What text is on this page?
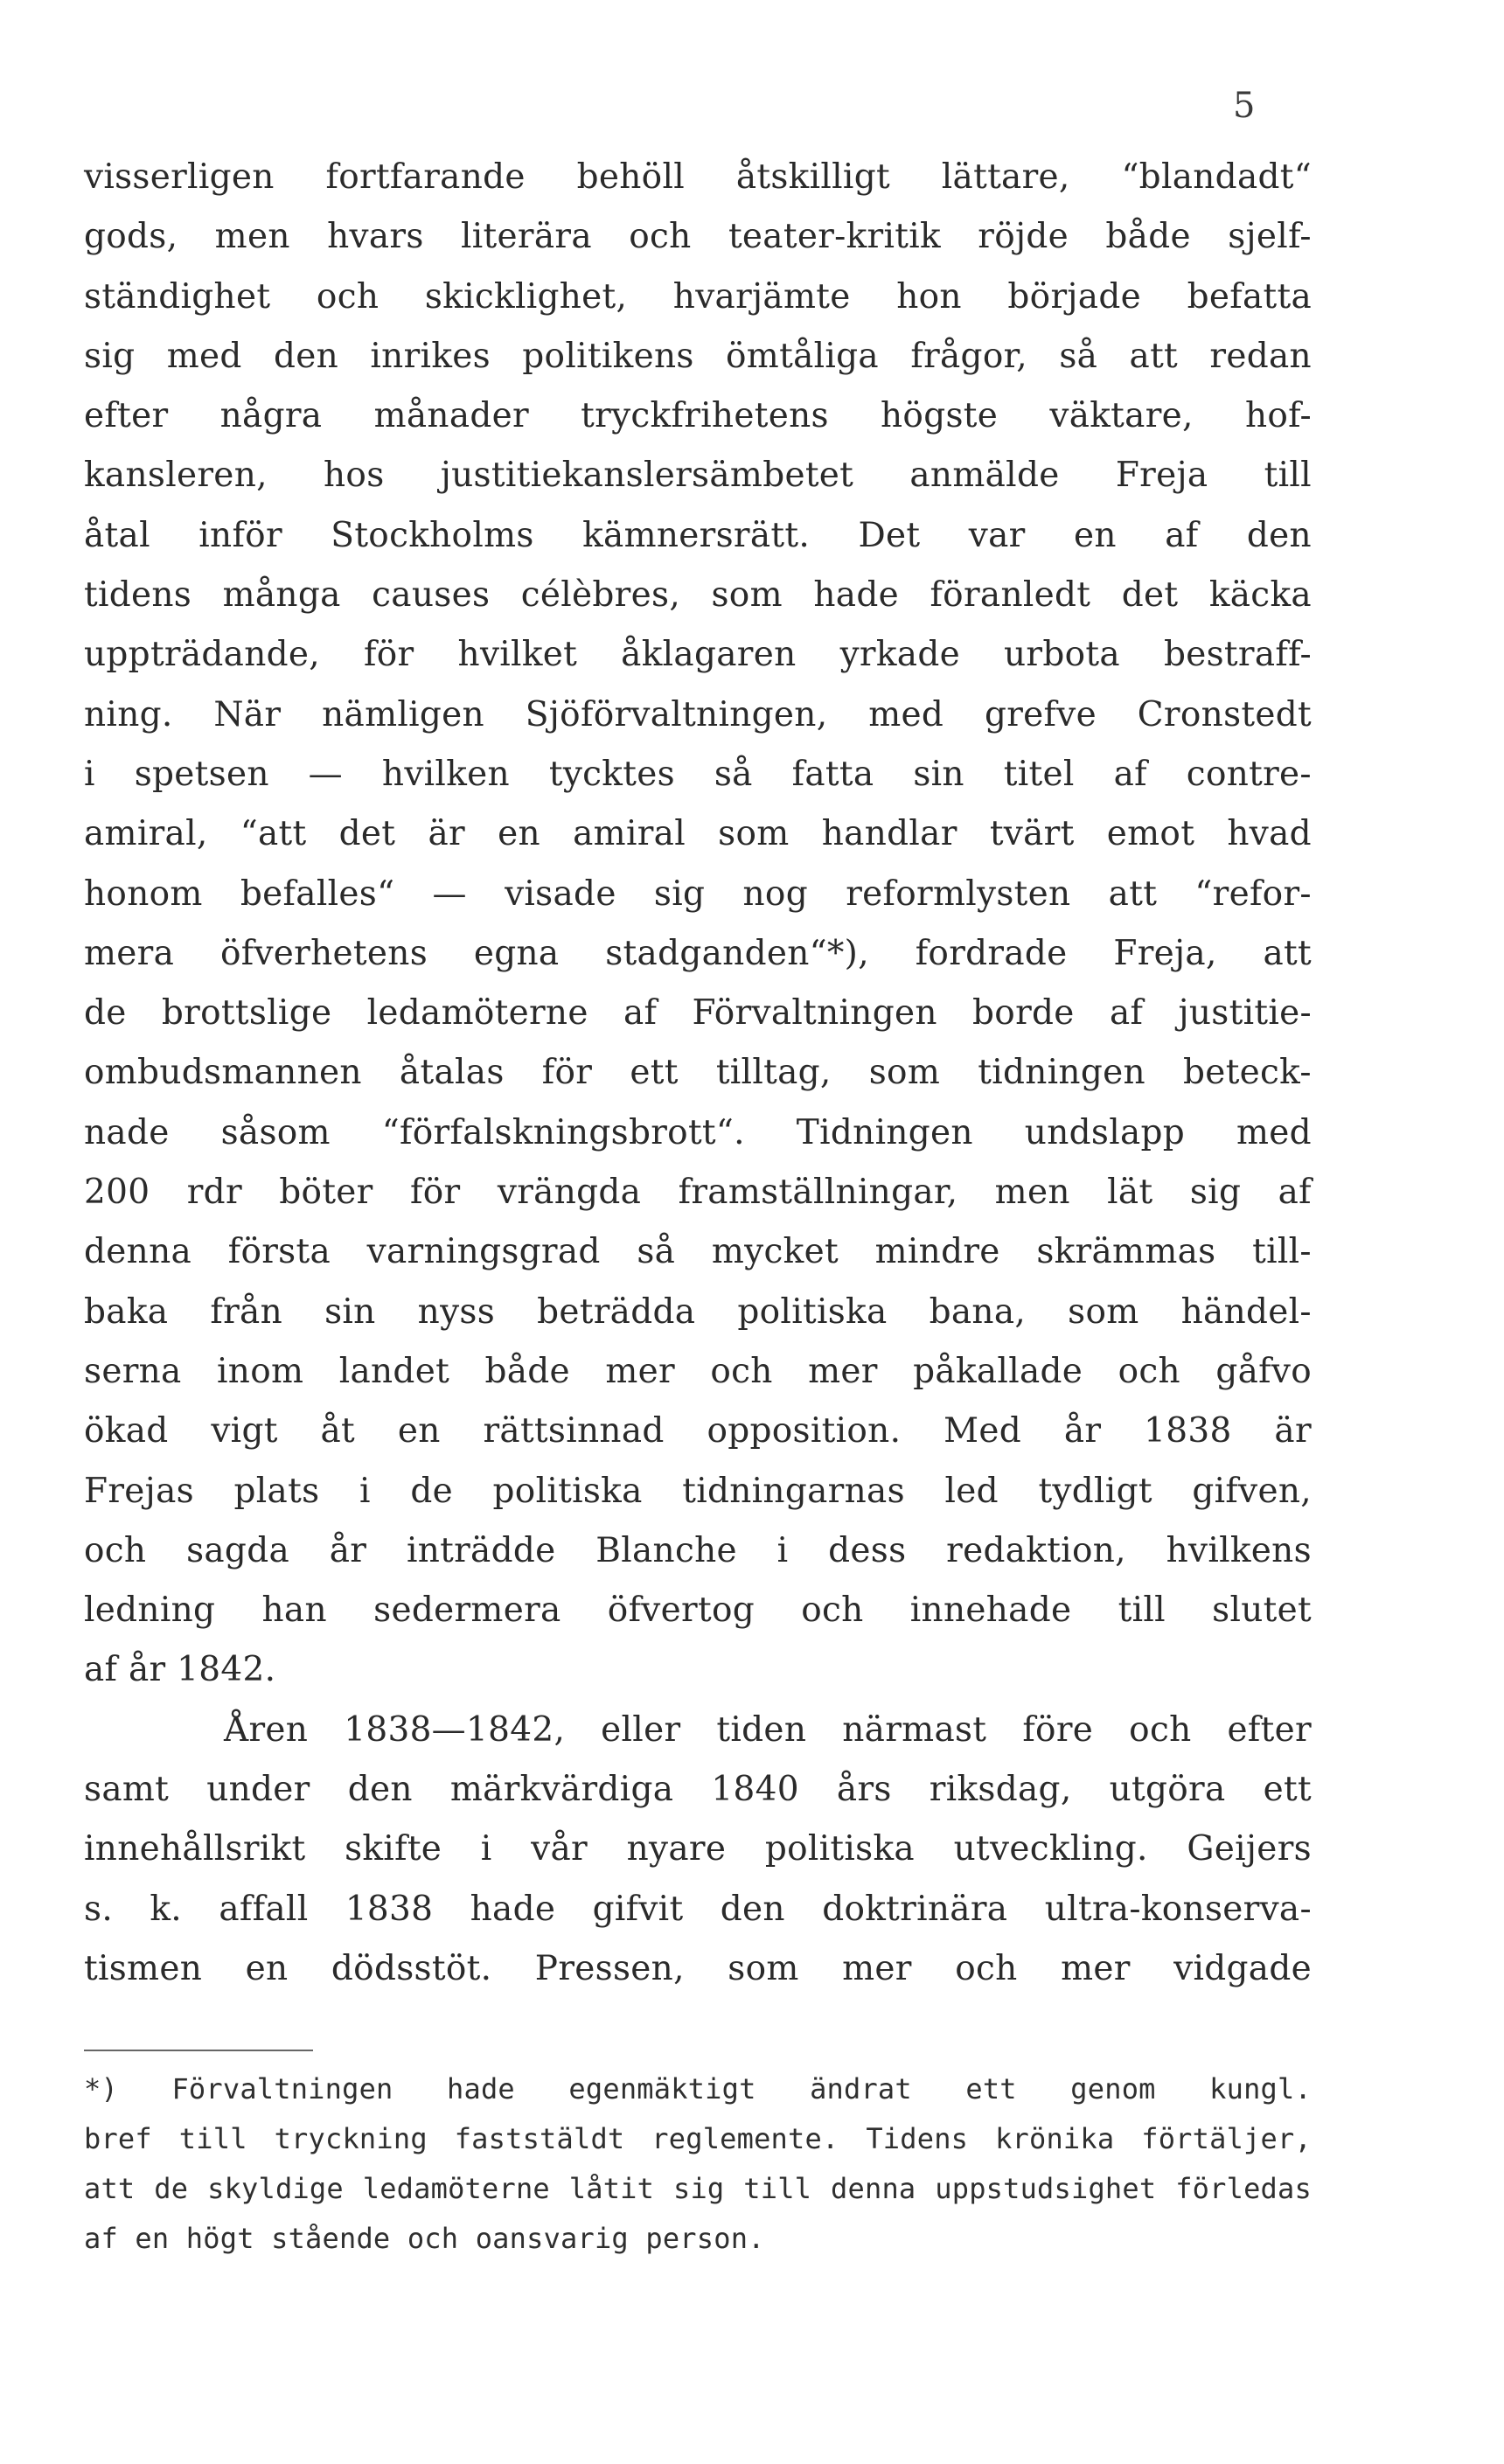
5
visserligen fortfarande behöll åtskilligt lättare, “blandadt“
gods, men hvars literära och teater-kritik röjde både sjelf-
ständighet och skicklighet, hvarjämte hon började befatta
sig med den inrikes politikens ömtåliga frågor, så att redan
efter några månader tryckfrihetens högste väktare, hof-
kansleren, hos justitiekanslersämbetet anmälde Freja till
åtal inför Stockholms kämnersrätt. Det var en af den
tidens många causes célèbres, som hade föranledt det käcka
uppträdande, för hvilket åklagaren yrkade urbota bestraff-
ning. När nämligen Sjöförvaltningen, med grefve Cronstedt
i spetsen — hvilken tycktes så fatta sin titel af contre-
amiral, “att det är en amiral som handlar tvärt emot hvad
honom befalles“ — visade sig nog reformlysten att “refor-
mera öfverhetens egna stadganden“*), fordrade Freja, att
de brottslige ledamöterne af Förvaltningen borde af justitie-
ombudsmannen åtalas för ett tilltag, som tidningen beteck-
nade såsom “förfalskningsbrott“. Tidningen undslapp med
200 rdr böter för vrängda framställningar, men lät sig af
denna första varningsgrad så mycket mindre skrämmas till-
baka från sin nyss beträdda politiska bana, som händel-
serna inom landet både mer och mer påkallade och gåfvo
ökad vigt åt en rättsinnad opposition. Med år 1838 är
Frejas plats i de politiska tidningarnas led tydligt gifven,
och sagda år inträdde Blanche i dess redaktion, hvilkens
ledning han sedermera öfvertog och innehade till slutet
af år 1842.
Åren 1838—1842, eller tiden närmast före och efter
samt under den märkvärdiga 1840 års riksdag, utgöra ett
innehållsrikt skifte i vår nyare politiska utveckling. Geijers
s. k. affall 1838 hade gifvit den doktrinära ultra-konserva-
tismen en dödsstöt. Pressen, som mer och mer vidgade
*) Förvaltningen hade egenmäktigt ändrat ett genom kungl.
bref till tryckning faststäldt reglemente. Tidens krönika förtäljer,
att de skyldige ledamöterne låtit sig till denna uppstudsighet förledas
af en högt stående och oansvarig person.
